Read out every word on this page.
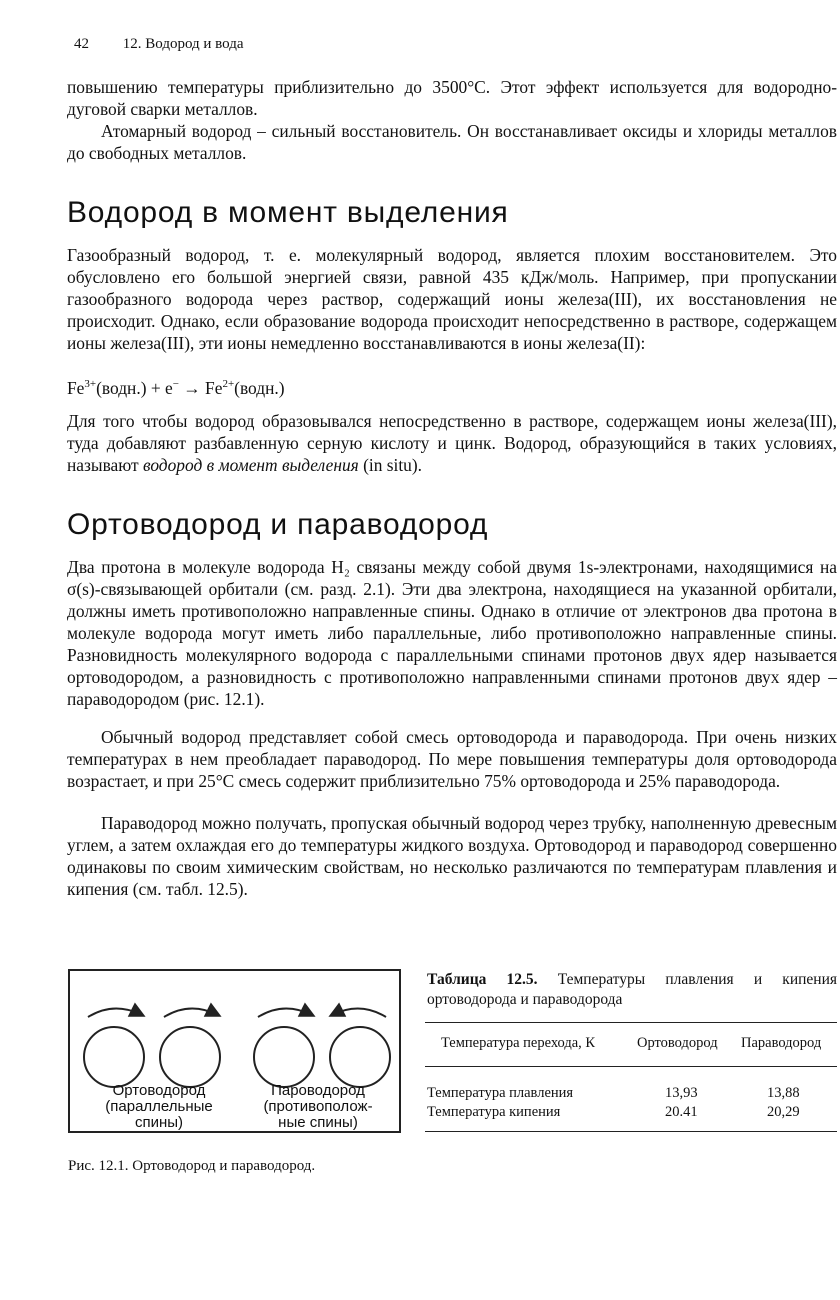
42 12. Водород и вода

повышению температуры приблизительно до 3500°С. Этот эффект используется для водородно-дуговой сварки металлов.

Атомарный водород – сильный восстановитель. Он восстанавливает оксиды и хлориды металлов до свободных металлов.

Водород в момент выделения

Газообразный водород, т. е. молекулярный водород, является плохим восстановителем. Это обусловлено его большой энергией связи, равной 435 кДж/моль. Например, при пропускании газообразного водорода через раствор, содержащий ионы железа(III), их восстановления не происходит. Однако, если образование водорода происходит непосредственно в растворе, содержащем ионы железа(III), эти ионы немедленно восстанавливаются в ионы железа(II):

$Fe^{3+}(водн.) + e^-$ → $Fe^{2+}(водн.)$

Для того чтобы водород образовывался непосредственно в растворе, содержащем ионы железа(III), туда добавляют разбавленную серную кислоту и цинк. Водород, образующийся в таких условиях, называют водород в момент выделения (in situ).

Ортоводород и параводород

Два протона в молекуле водорода H₂ связаны между собой двумя 1s-электронами, находящимися на σ(s)-связывающей орбитали (см. разд. 2.1). Эти два электрона, находящиеся на указанной орбитали, должны иметь противоположно направленные спины. Однако в отличие от электронов два протона в молекуле водорода могут иметь либо параллельные, либо противоположно направленные спины. Разновидность молекулярного водорода с параллельными спинами протонов двух ядер называется ортоводородом, а разновидность с противоположно направленными спинами протонов двух ядер – параводородом (рис. 12.1).

Обычный водород представляет собой смесь ортоводорода и параводорода. При очень низких температурах в нем преобладает параводород. По мере повышения температуры доля ортоводорода возрастает, и при 25°С смесь содержит приблизительно 75% ортоводорода и 25% параводорода.

Параводород можно получать, пропуская обычный водород через трубку, наполненную древесным углем, а затем охлаждая его до температуры жидкого воздуха. Ортоводород и параводород совершенно одинаковы по своим химическим свойствам, но несколько различаются по температурам плавления и кипения (см. табл. 12.5).

Ортоводород
(параллельные
спины)
Пароводород
(противополож-
ные спины)
Рис. 12.1. Ортоводород и параводород.
Таблица 12.5. Температуры плавления и кипения ортоводорода и параводорода
Температура перехода, К	Ортоводород Параводород
Температура плавления	13,93	13,88
Температура кипения	20.41	20,29
